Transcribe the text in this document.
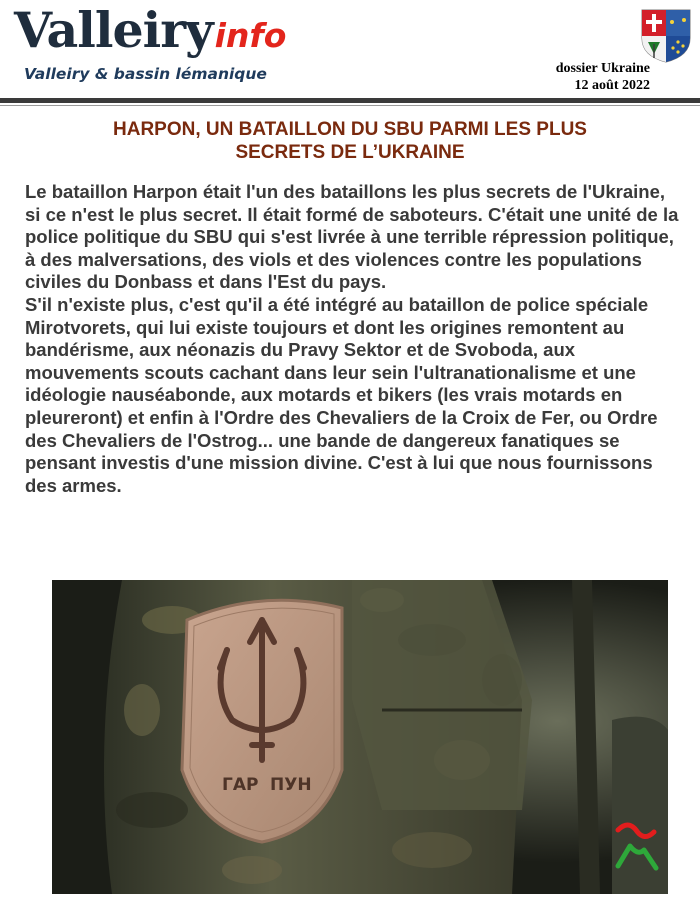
Valleiryinfo
Valleiry & bassin lémanique	dossier Ukraine
12 août 2022
HARPON, UN BATAILLON DU SBU PARMI LES PLUS
SECRETS DE L’UKRAINE

Le bataillon Harpon était l'un des bataillons les plus secrets de l'Ukraine, si ce n'est le plus secret. Il était formé de saboteurs. C'était une unité de la police politique du SBU qui s'est livrée à une terrible répression politique, à des malversations, des viols et des violences contre les populations civiles du Donbass et dans l'Est du pays.

S'il n'existe plus, c'est qu'il a été intégré au bataillon de police spéciale Mirotvorets, qui lui existe toujours et dont les origines remontent au bandérisme, aux néonazis du Pravy Sektor et de Svoboda, aux mouvements scouts cachant dans leur sein l'ultranationalisme et une idéologie nauséabonde, aux motards et bikers (les vrais motards en pleureront) et enfin à l'Ordre des Chevaliers de la Croix de Fer, ou Ordre des Chevaliers de l'Ostrog... une bande de dangereux fanatiques se pensant investis d'une mission divine. C'est à lui que nous fournissons des armes.

ГАР ПУН
